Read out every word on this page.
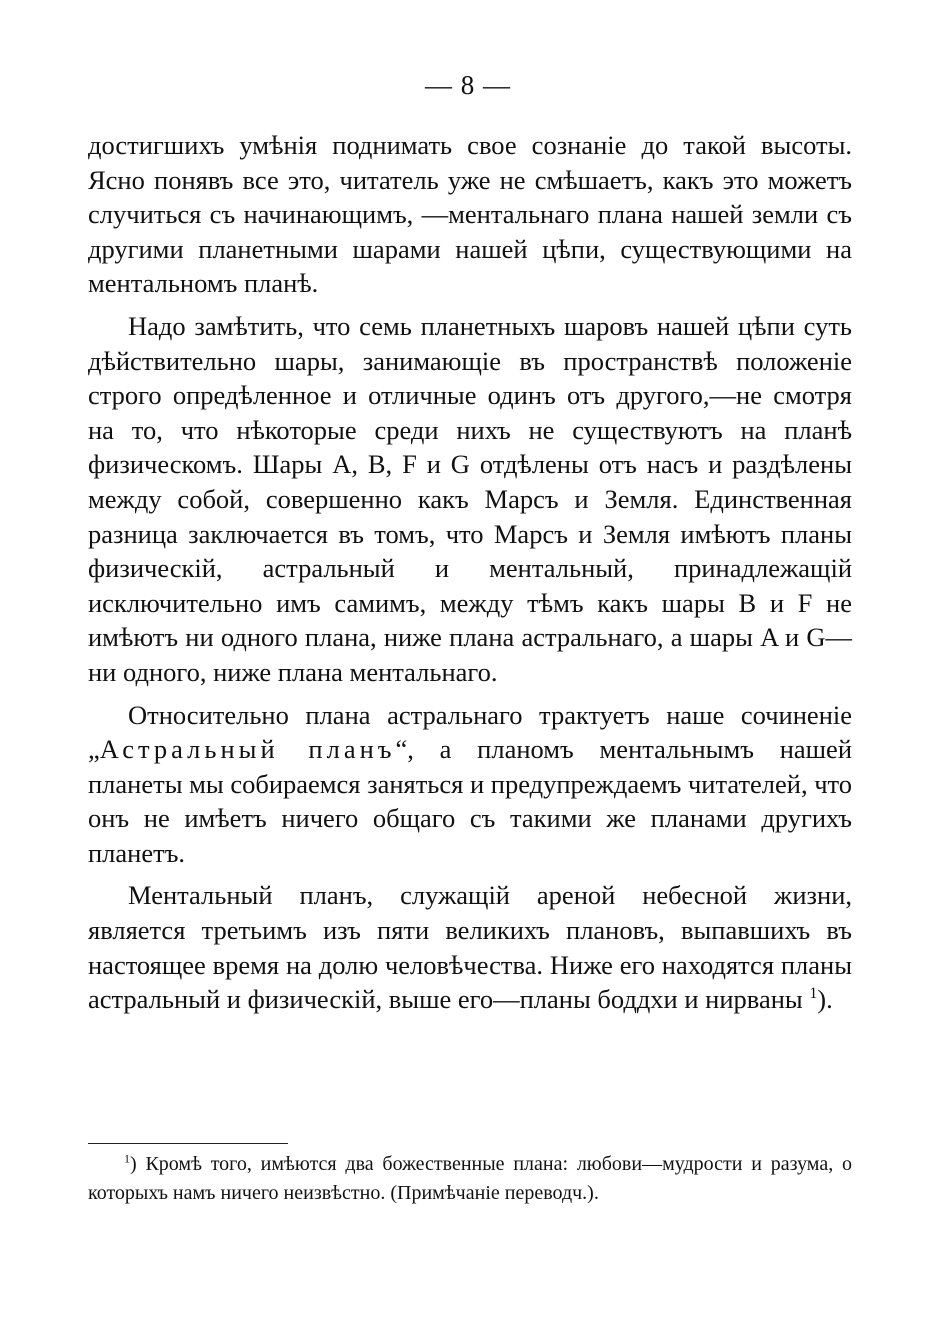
— 8 —

достигшихъ умѣнія поднимать свое сознаніе до такой высоты. Ясно понявъ все это, читатель уже не смѣшаетъ, какъ это можетъ случиться съ начинающимъ, —ментальнаго плана нашей земли съ другими планетными шарами нашей цѣпи, существующими на ментальномъ планѣ.

Надо замѣтить, что семь планетныхъ шаровъ нашей цѣпи суть дѣйствительно шары, занимающіе въ пространствѣ положеніе строго опредѣленное и отличные одинъ отъ другого,—не смотря на то, что нѣкоторые среди нихъ не существуютъ на планѣ физическомъ. Шары A, B, F и G отдѣлены отъ насъ и раздѣлены между собой, совершенно какъ Марсъ и Земля. Единственная разница заключается въ томъ, что Марсъ и Земля имѣютъ планы физическій, астральный и ментальный, принадлежащій исключительно имъ самимъ, между тѣмъ какъ шары B и F не имѣютъ ни одного плана, ниже плана астральнаго, а шары A и G—ни одного, ниже плана ментальнаго.

Относительно плана астральнаго трактуетъ наше сочиненіе „Астральный планъ“, а планомъ ментальнымъ нашей планеты мы собираемся заняться и предупреждаемъ читателей, что онъ не имѣетъ ничего общаго съ такими же планами другихъ планетъ.

Ментальный планъ, служащій ареной небесной жизни, является третьимъ изъ пяти великихъ плановъ, выпавшихъ въ настоящее время на долю человѣчества. Ниже его находятся планы астральный и физическій, выше его—планы боддхи и нирваны $^1$).

$^1$) Кромѣ того, имѣются два божественные плана: любови—мудрости и разума, о которыхъ намъ ничего неизвѣстно. (Примѣчаніе переводч.).
